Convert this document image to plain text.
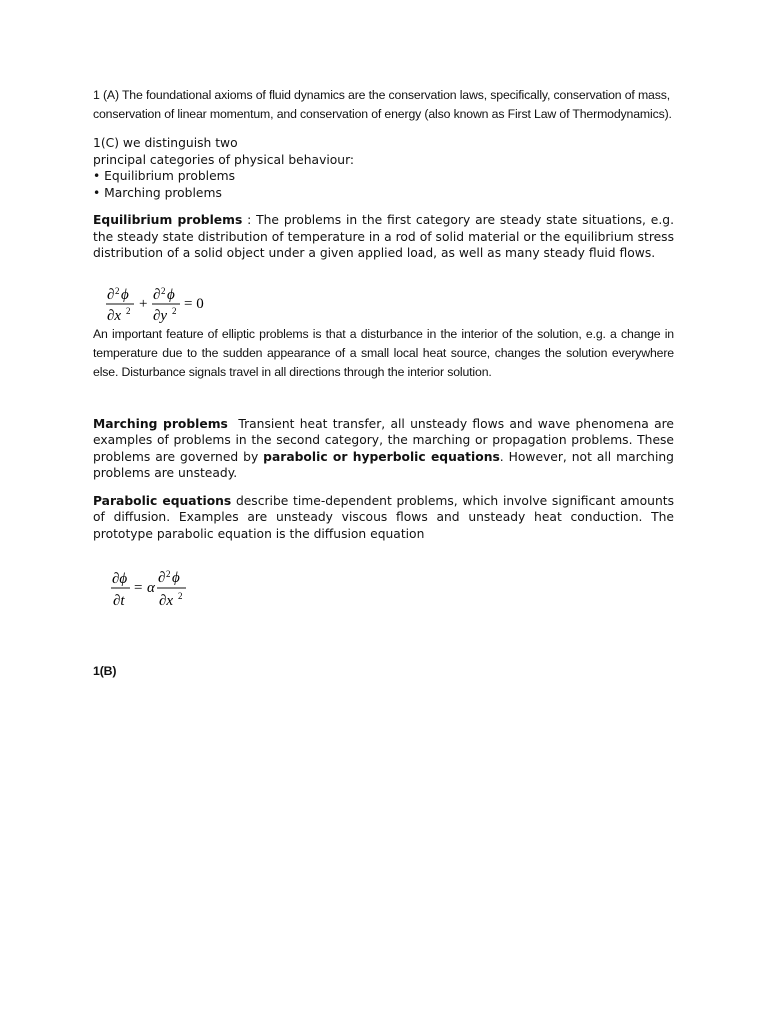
1 (A) The foundational axioms of fluid dynamics are the conservation laws, specifically, conservation of mass, conservation of linear momentum, and conservation of energy (also known as First Law of Thermodynamics).

1(C) we distinguish two
principal categories of physical behaviour:
• Equilibrium problems
• Marching problems

Equilibrium problems : The problems in the first category are steady state situations, e.g. the steady state distribution of temperature in a rod of solid material or the equilibrium stress distribution of a solid object under a given applied load, as well as many steady fluid flows.

∂ 2 ϕ
∂x 2 +
∂ 2 ϕ
∂y 2 = 0

An important feature of elliptic problems is that a disturbance in the interior of the solution, e.g. a change in temperature due to the sudden appearance of a small local heat source, changes the solution everywhere else. Disturbance signals travel in all directions through the interior solution.

Marching problems Transient heat transfer, all unsteady flows and wave phenomena are examples of problems in the second category, the marching or propagation problems. These problems are governed by parabolic or hyperbolic equations. However, not all marching problems are unsteady.

Parabolic equations describe time-dependent problems, which involve significant amounts of diffusion. Examples are unsteady viscous flows and unsteady heat conduction. The prototype parabolic equation is the diffusion equation

∂ϕ
∂t
= α
∂ 2 ϕ
∂x 2

1(B)
